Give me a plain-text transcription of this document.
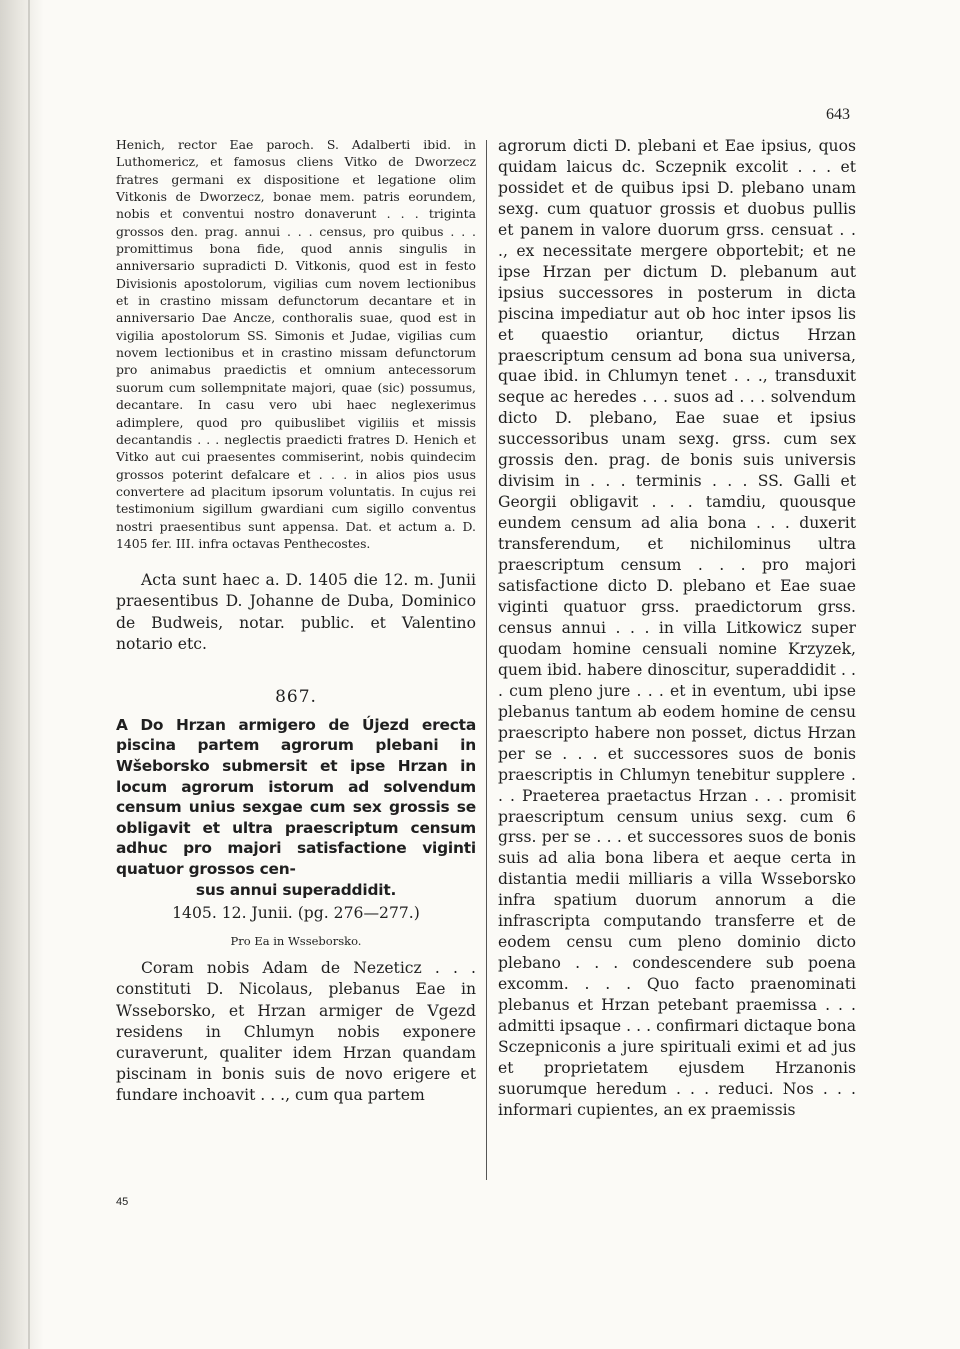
643

Henich, rector Eae paroch. S. Adalberti ibid. in Luthomericz, et famosus cliens Vitko de Dworzecz fratres germani ex dispositione et legatione olim Vitkonis de Dworzecz, bonae mem. patris eorundem, nobis et conventui nostro donaverunt . . . triginta grossos den. prag. annui . . . census, pro quibus . . . promittimus bona fide, quod annis singulis in anniversario supradicti D. Vitkonis, quod est in festo Divisionis apostolorum, vigilias cum novem lectionibus et in crastino missam defunctorum decantare et in anniversario Dae Ancze, conthoralis suae, quod est in vigilia apostolorum SS. Simonis et Judae, vigilias cum novem lectionibus et in crastino missam defunctorum pro animabus praedictis et omnium antecessorum suorum cum sollempnitate majori, quae (sic) possumus, decantare. In casu vero ubi haec neglexerimus adimplere, quod pro quibuslibet vigiliis et missis decantandis . . . neglectis praedicti fratres D. Henich et Vitko aut cui praesentes commiserint, nobis quindecim grossos poterint defalcare et . . . in alios pios usus convertere ad placitum ipsorum voluntatis. In cujus rei testimonium sigillum gwardiani cum sigillo conventus nostri praesentibus sunt appensa. Dat. et actum a. D. 1405 fer. III. infra octavas Penthecostes.

Acta sunt haec a. D. 1405 die 12. m. Junii praesentibus D. Johanne de Duba, Dominico de Budweis, notar. public. et Valentino notario etc.

867.

A Do Hrzan armigero de Újezd erecta piscina partem agrorum plebani in Wšeborsko submersit et ipse Hrzan in locum agrorum istorum ad solvendum censum unius sexgae cum sex grossis se obligavit et ultra praescriptum censum adhuc pro majori satisfactione viginti quatuor grossos cen-

sus annui superaddidit.

1405. 12. Junii. (pg. 276—277.)
Pro Ea in Wsseborsko.

Coram nobis Adam de Nezeticz . . . constituti D. Nicolaus, plebanus Eae in Wsseborsko, et Hrzan armiger de Vgezd residens in Chlumyn nobis exponere curaverunt, qualiter idem Hrzan quandam piscinam in bonis suis de novo erigere et fundare inchoavit . . ., cum qua partem

agrorum dicti D. plebani et Eae ipsius, quos quidam laicus dc. Sczepnik excolit . . . et possidet et de quibus ipsi D. plebano unam sexg. cum quatuor grossis et duobus pullis et panem in valore duorum grss. censuat . . ., ex necessitate mergere obportebit; et ne ipse Hrzan per dictum D. plebanum aut ipsius successores in posterum in dicta piscina impediatur aut ob hoc inter ipsos lis et quaestio oriantur, dictus Hrzan praescriptum censum ad bona sua universa, quae ibid. in Chlumyn tenet . . ., transduxit seque ac heredes . . . suos ad . . . solvendum dicto D. plebano, Eae suae et ipsius successoribus unam sexg. grss. cum sex grossis den. prag. de bonis suis universis divisim in . . . terminis . . . SS. Galli et Georgii obligavit . . . tamdiu, quousque eundem censum ad alia bona . . . duxerit transferendum, et nichilominus ultra praescriptum censum . . . pro majori satisfactione dicto D. plebano et Eae suae viginti quatuor grss. praedictorum grss. census annui . . . in villa Litkowicz super quodam homine censuali nomine Krzyzek, quem ibid. habere dinoscitur, superaddidit . . . cum pleno jure . . . et in eventum, ubi ipse plebanus tantum ab eodem homine de censu praescripto habere non posset, dictus Hrzan per se . . . et successores suos de bonis praescriptis in Chlumyn tenebitur supplere . . . Praeterea praetactus Hrzan . . . promisit praescriptum censum unius sexg. cum 6 grss. per se . . . et successores suos de bonis suis ad alia bona libera et aeque certa in distantia medii milliaris a villa Wsseborsko infra spatium duorum annorum a die infrascripta computando transferre et de eodem censu cum pleno dominio dicto plebano . . . condescendere sub poena excomm. . . . Quo facto praenominati plebanus et Hrzan petebant praemissa . . . admitti ipsaque . . . confirmari dictaque bona Sczepniconis a jure spirituali eximi et ad jus et proprietatem ejusdem Hrzanonis suorumque heredum . . . reduci. Nos . . . informari cupientes, an ex praemissis

45
